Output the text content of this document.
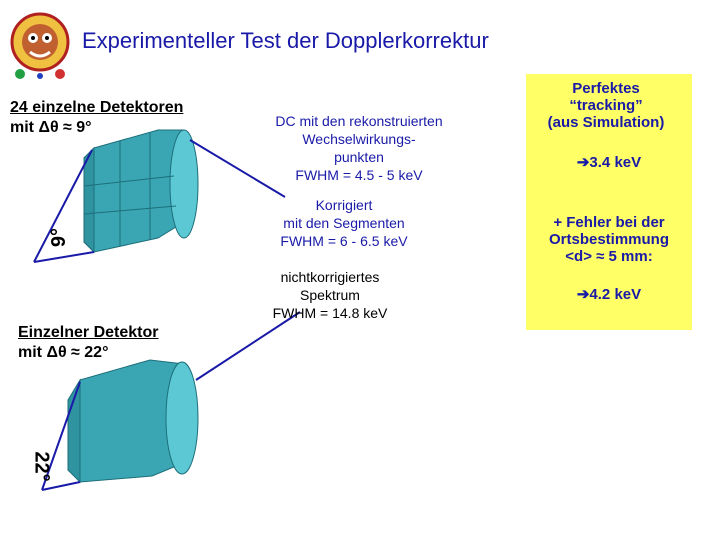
Experimenteller Test der Dopplerkorrektur
9°
22°
24 einzelne Detektoren
mit Δθ ≈ 9°
Einzelner Detektor
mit Δθ ≈ 22°
DC mit den rekonstruierten
Wechselwirkungs-
punkten
FWHM = 4.5 - 5 keV
Korrigiert
mit den Segmenten
FWHM = 6 - 6.5 keV
nichtkorrigiertes
Spektrum
FWHM = 14.8 keV
Perfektes
“tracking”
(aus Simulation)
➔3.4 keV
+ Fehler bei der
Ortsbestimmung
<d> ≈ 5 mm:
➔4.2 keV
